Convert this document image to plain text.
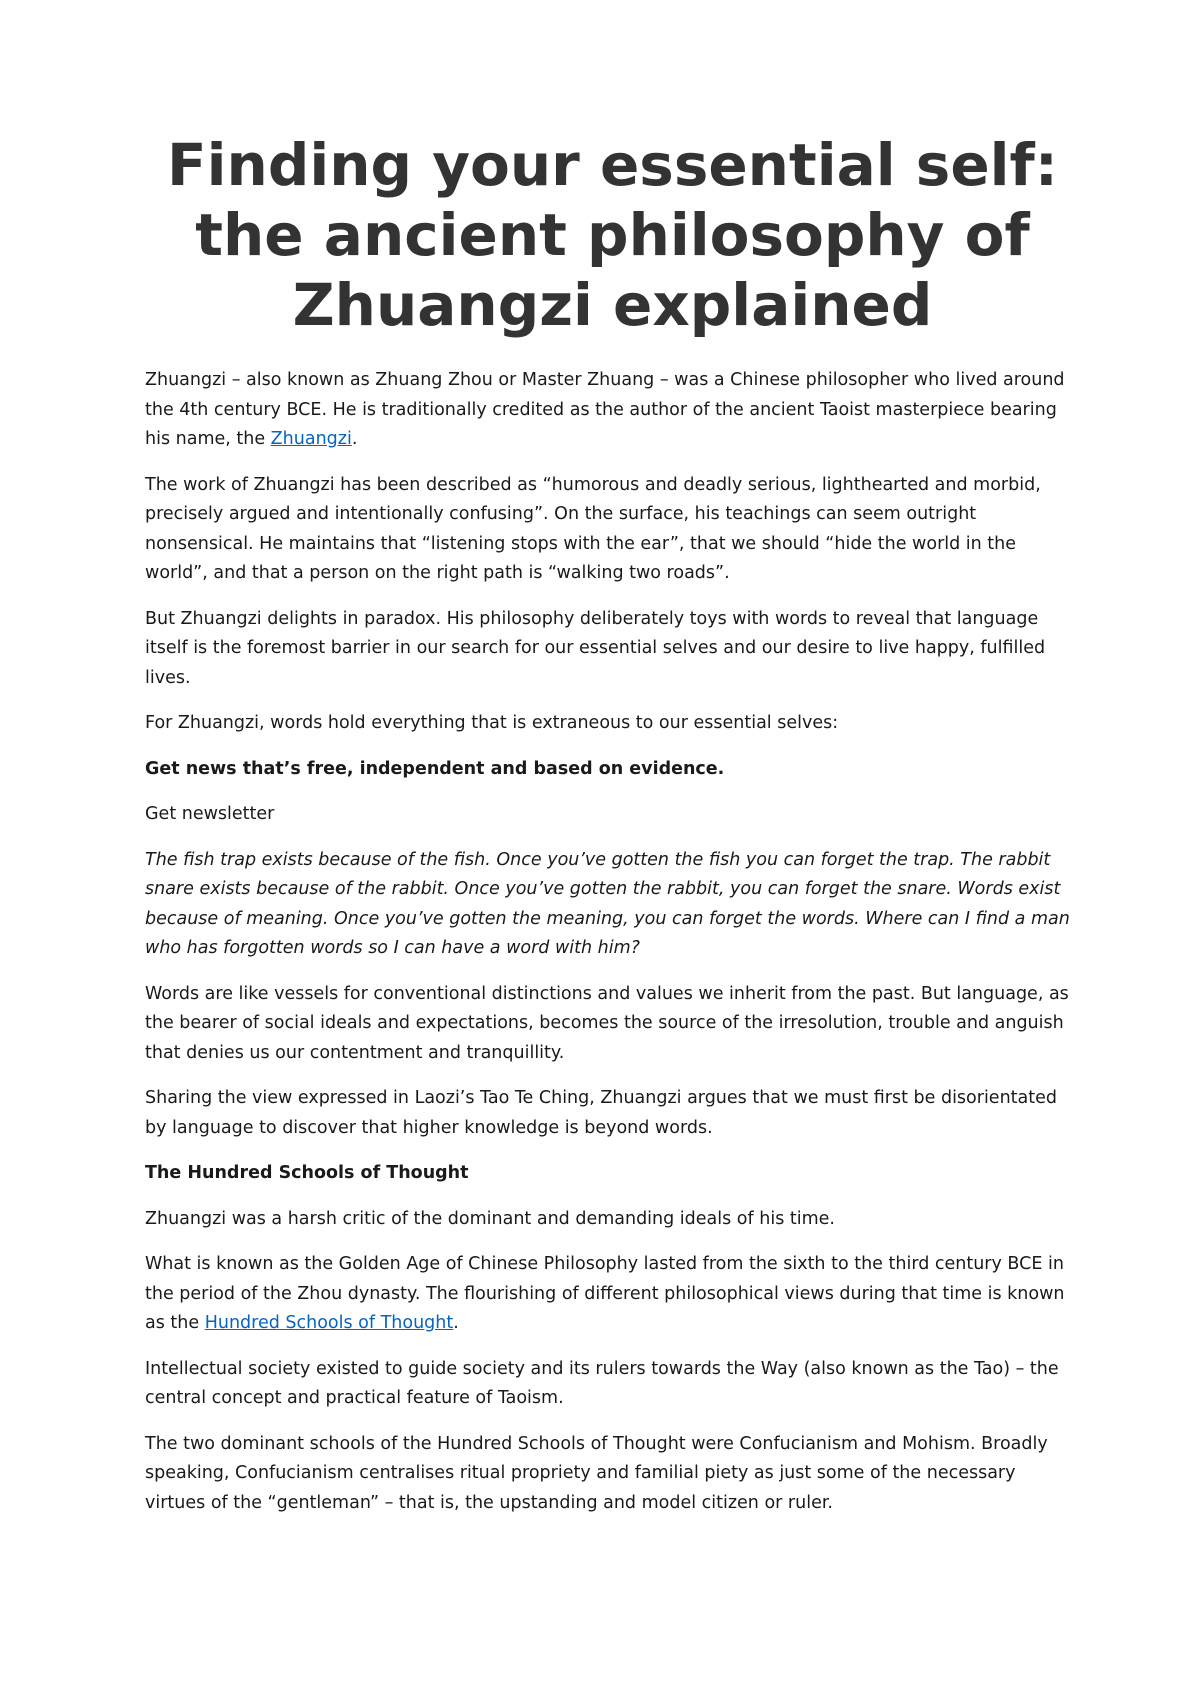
Finding your essential self:
the ancient philosophy of
Zhuangzi explained

Zhuangzi – also known as Zhuang Zhou or Master Zhuang – was a Chinese philosopher who lived around the 4th century BCE. He is traditionally credited as the author of the ancient Taoist masterpiece bearing his name, the Zhuangzi.

The work of Zhuangzi has been described as “humorous and deadly serious, lighthearted and morbid, precisely argued and intentionally confusing”. On the surface, his teachings can seem outright nonsensical. He maintains that “listening stops with the ear”, that we should “hide the world in the world”, and that a person on the right path is “walking two roads”.

But Zhuangzi delights in paradox. His philosophy deliberately toys with words to reveal that language itself is the foremost barrier in our search for our essential selves and our desire to live happy, fulfilled lives.

For Zhuangzi, words hold everything that is extraneous to our essential selves:

Get news that’s free, independent and based on evidence.

Get newsletter

The fish trap exists because of the fish. Once you’ve gotten the fish you can forget the trap. The rabbit snare exists because of the rabbit. Once you’ve gotten the rabbit, you can forget the snare. Words exist because of meaning. Once you’ve gotten the meaning, you can forget the words. Where can I find a man who has forgotten words so I can have a word with him?

Words are like vessels for conventional distinctions and values we inherit from the past. But language, as the bearer of social ideals and expectations, becomes the source of the irresolution, trouble and anguish that denies us our contentment and tranquillity.

Sharing the view expressed in Laozi’s Tao Te Ching, Zhuangzi argues that we must first be disorientated by language to discover that higher knowledge is beyond words.

The Hundred Schools of Thought

Zhuangzi was a harsh critic of the dominant and demanding ideals of his time.

What is known as the Golden Age of Chinese Philosophy lasted from the sixth to the third century BCE in the period of the Zhou dynasty. The flourishing of different philosophical views during that time is known as the Hundred Schools of Thought.

Intellectual society existed to guide society and its rulers towards the Way (also known as the Tao) – the central concept and practical feature of Taoism.

The two dominant schools of the Hundred Schools of Thought were Confucianism and Mohism. Broadly speaking, Confucianism centralises ritual propriety and familial piety as just some of the necessary virtues of the “gentleman” – that is, the upstanding and model citizen or ruler.
